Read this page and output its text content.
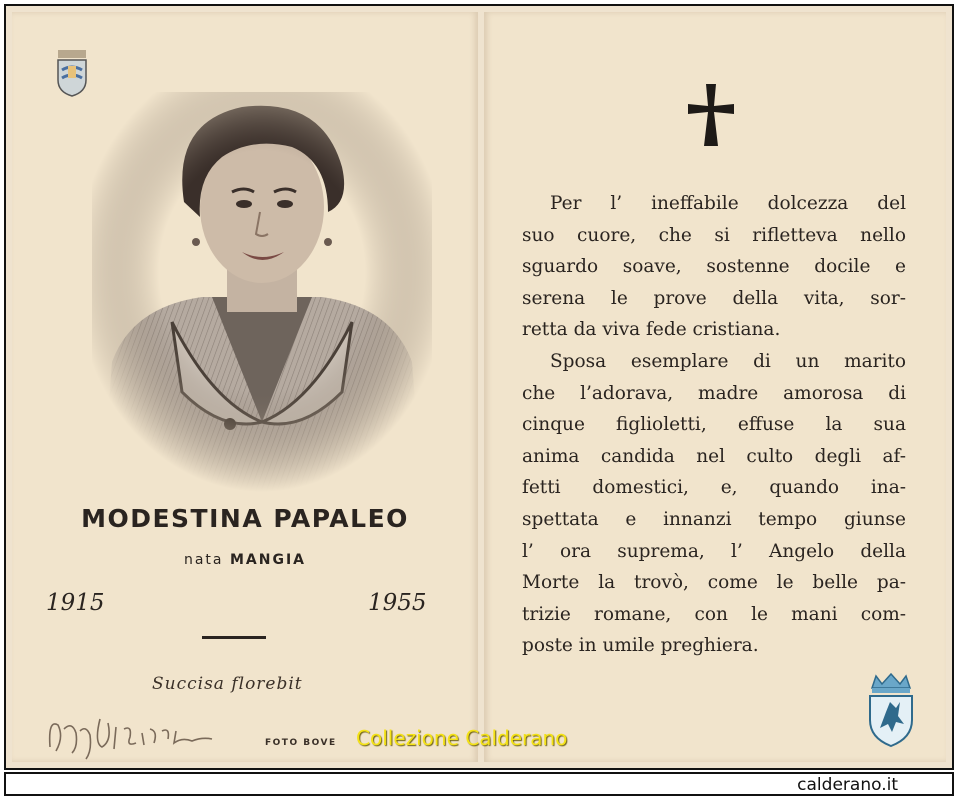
MODESTINA PAPALEO
nata MANGIA
1915	1955
Succisa florebit
FOTO BOVE
Per l’ ineffabile dolcezza del
suo cuore, che si rifletteva nello
sguardo soave, sostenne docile e
serena le prove della vita, sor-
retta da viva fede cristiana.
Sposa esemplare di un marito
che l’adorava, madre amorosa di
cinque figlioletti, effuse la sua
anima candida nel culto degli af-
fetti domestici, e, quando ina-
spettata e innanzi tempo giunse
l’ ora suprema, l’ Angelo della
Morte la trovò, come le belle pa-
trizie romane, con le mani com-
poste in umile preghiera.
Collezione Calderano
calderano.it
